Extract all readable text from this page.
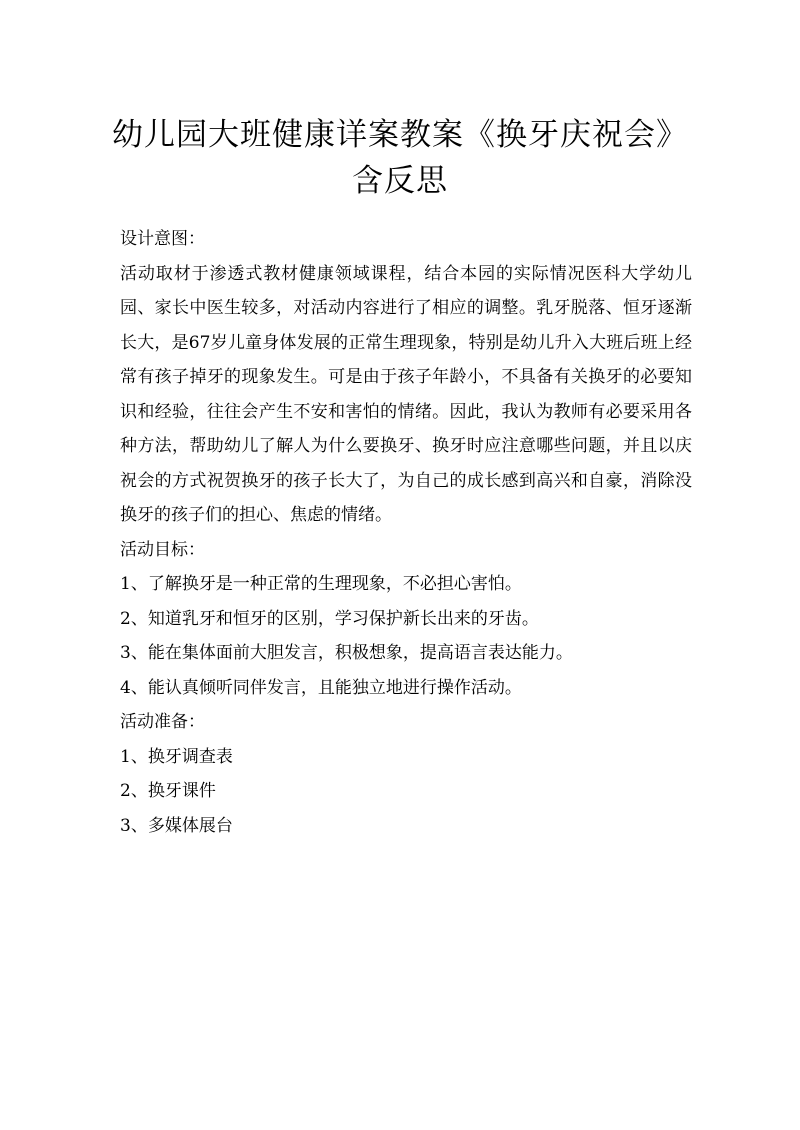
幼儿园大班健康详案教案《换牙庆祝会》含反思

设计意图：

活动取材于渗透式教材健康领域课程，结合本园的实际情况医科大学幼儿园、家长中医生较多，对活动内容进行了相应的调整。乳牙脱落、恒牙逐渐长大，是67岁儿童身体发展的正常生理现象，特别是幼儿升入大班后班上经常有孩子掉牙的现象发生。可是由于孩子年龄小，不具备有关换牙的必要知识和经验，往往会产生不安和害怕的情绪。因此，我认为教师有必要采用各种方法，帮助幼儿了解人为什么要换牙、换牙时应注意哪些问题，并且以庆祝会的方式祝贺换牙的孩子长大了，为自己的成长感到高兴和自豪，消除没换牙的孩子们的担心、焦虑的情绪。

活动目标：

1、了解换牙是一种正常的生理现象，不必担心害怕。

2、知道乳牙和恒牙的区别，学习保护新长出来的牙齿。

3、能在集体面前大胆发言，积极想象，提高语言表达能力。

4、能认真倾听同伴发言，且能独立地进行操作活动。

活动准备：

1、换牙调查表

2、换牙课件

3、多媒体展台
